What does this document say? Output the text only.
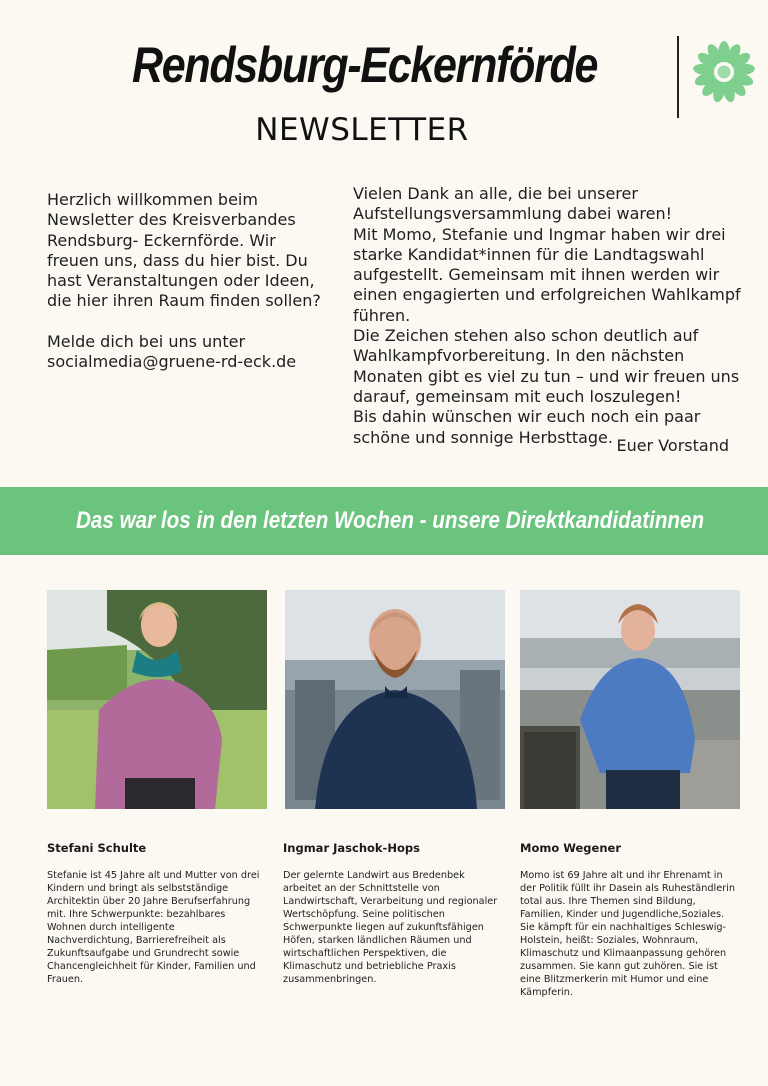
Rendsburg-Eckernförde
NEWSLETTER

Herzlich willkommen beim Newsletter des Kreisverbandes Rendsburg- Eckernförde. Wir freuen uns, dass du hier bist. Du hast Veranstaltungen oder Ideen, die hier ihren Raum finden sollen?

Melde dich bei uns unter socialmedia@gruene-rd-eck.de

Vielen Dank an alle, die bei unserer Aufstellungsversammlung dabei waren!
Mit Momo, Stefanie und Ingmar haben wir drei starke Kandidat*innen für die Landtagswahl aufgestellt. Gemeinsam mit ihnen werden wir einen engagierten und erfolgreichen Wahlkampf führen.
Die Zeichen stehen also schon deutlich auf Wahlkampfvorbereitung. In den nächsten Monaten gibt es viel zu tun – und wir freuen uns darauf, gemeinsam mit euch loszulegen!
Bis dahin wünschen wir euch noch ein paar schöne und sonnige Herbsttage. Euer Vorstand
Das war los in den letzten Wochen - unsere Direktkandidatinnen
Stefani Schulte
Stefanie ist 45 Jahre alt und Mutter von drei Kindern und bringt als selbstständige Architektin über 20 Jahre Berufserfahrung mit. Ihre Schwerpunkte: bezahlbares Wohnen durch intelligente Nachverdichtung, Barrierefreiheit als Zukunftsaufgabe und Grundrecht sowie Chancengleichheit für Kinder, Familien und Frauen.
Ingmar Jaschok-Hops
Der gelernte Landwirt aus Bredenbek arbeitet an der Schnittstelle von Landwirtschaft, Verarbeitung und regionaler Wertschöpfung. Seine politischen Schwerpunkte liegen auf zukunftsfähigen Höfen, starken ländlichen Räumen und wirtschaftlichen Perspektiven, die Klimaschutz und betriebliche Praxis zusammenbringen.
Momo Wegener
Momo ist 69 Jahre alt und ihr Ehrenamt in der Politik füllt ihr Dasein als Ruheständlerin total aus. Ihre Themen sind Bildung, Familien, Kinder und Jugendliche,Soziales. Sie kämpft für ein nachhaltiges Schleswig-Holstein, heißt: Soziales, Wohnraum, Klimaschutz und Klimaanpassung gehören zusammen. Sie kann gut zuhören. Sie ist eine Blitzmerkerin mit Humor und eine Kämpferin.
